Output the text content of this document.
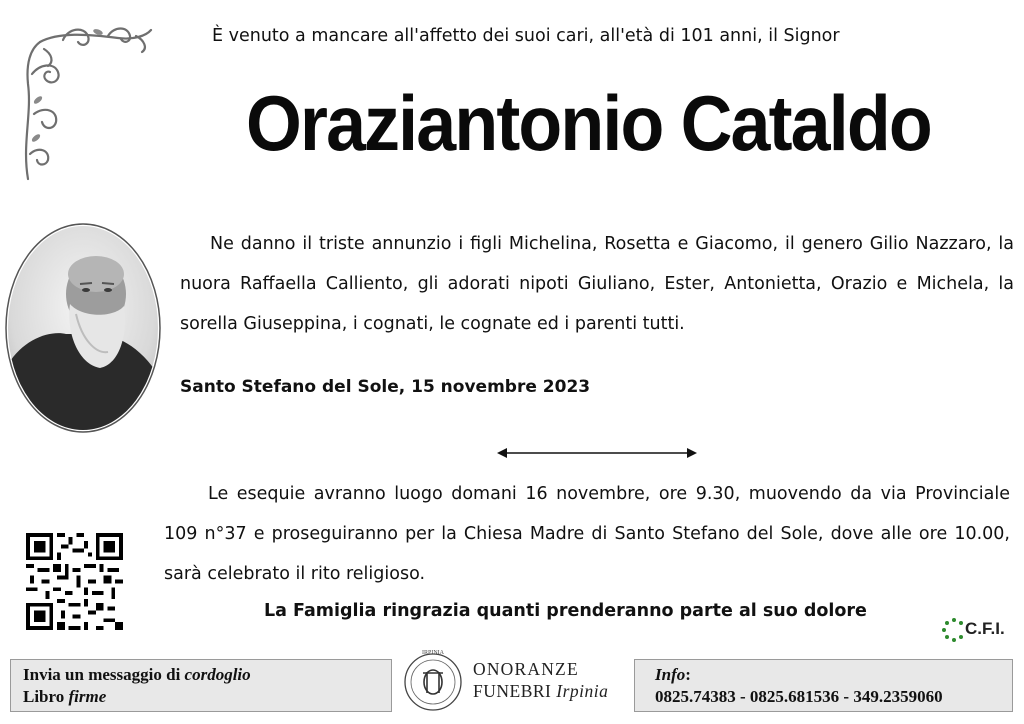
È venuto a mancare all'affetto dei suoi cari, all'età di 101 anni, il Signor
Oraziantonio Cataldo

Ne danno il triste annunzio i figli Michelina, Rosetta e Giacomo, il genero Gilio Nazzaro, la nuora Raffaella Calliento, gli adorati nipoti Giuliano, Ester, Antonietta, Orazio e Michela, la sorella Giuseppina, i cognati, le cognate ed i parenti tutti.

Santo Stefano del Sole, 15 novembre 2023

Le esequie avranno luogo domani 16 novembre, ore 9.30, muovendo da via Provinciale 109 n°37 e proseguiranno per la Chiesa Madre di Santo Stefano del Sole, dove alle ore 10.00, sarà celebrato il rito religioso.

La Famiglia ringrazia quanti prenderanno parte al suo dolore
C.F.I.
Invia un messaggio di cordoglio
Libro firme
IRPINIA
ONORANZE
FUNEBRI Irpinia
Info:
0825.74383 - 0825.681536 - 349.2359060
